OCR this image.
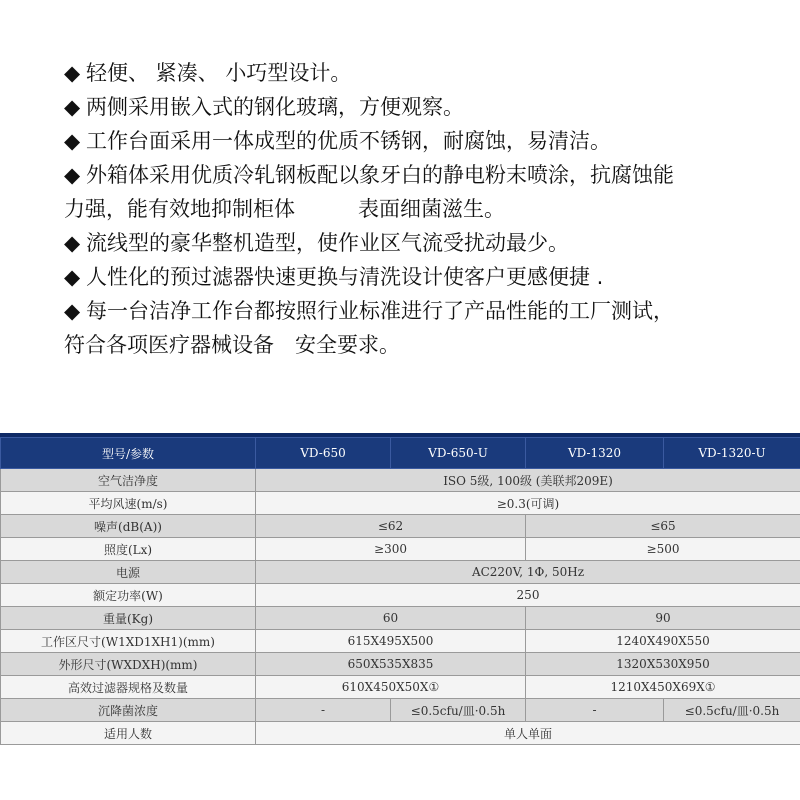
◆ 轻便、 紧凑、 小巧型设计。
◆ 两侧采用嵌入式的钢化玻璃，方便观察。
◆ 工作台面采用一体成型的优质不锈钢，耐腐蚀，易清洁。
◆ 外箱体采用优质冷轧钢板配以象牙白的静电粉末喷涂，抗腐蚀能
力强，能有效地抑制柜体　　　表面细菌滋生。
◆ 流线型的豪华整机造型，使作业区气流受扰动最少。
◆ 人性化的预过滤器快速更换与清洗设计使客户更感便捷 .
◆ 每一台洁净工作台都按照行业标准进行了产品性能的工厂测试，
符合各项医疗器械设备　安全要求。
型号/参数	VD-650	VD-650-U	VD-1320	VD-1320-U
空气洁净度	ISO 5级, 100级 (美联邦209E)			
平均风速(m/s)	≥0.3(可调)			
噪声(dB(A))	≤62		≤65	
照度(Lx)	≥300		≥500	
电源	AC220V, 1Φ, 50Hz			
额定功率(W)	250			
重量(Kg)	60		90	
工作区尺寸(W1XD1XH1)(mm)	615X495X500		1240X490X550	
外形尺寸(WXDXH)(mm)	650X535X835		1320X530X950	
高效过滤器规格及数量	610X450X50X①		1210X450X69X①	
沉降菌浓度	-	≤0.5cfu/皿·0.5h	-	≤0.5cfu/皿·0.5h
适用人数	单人单面			
